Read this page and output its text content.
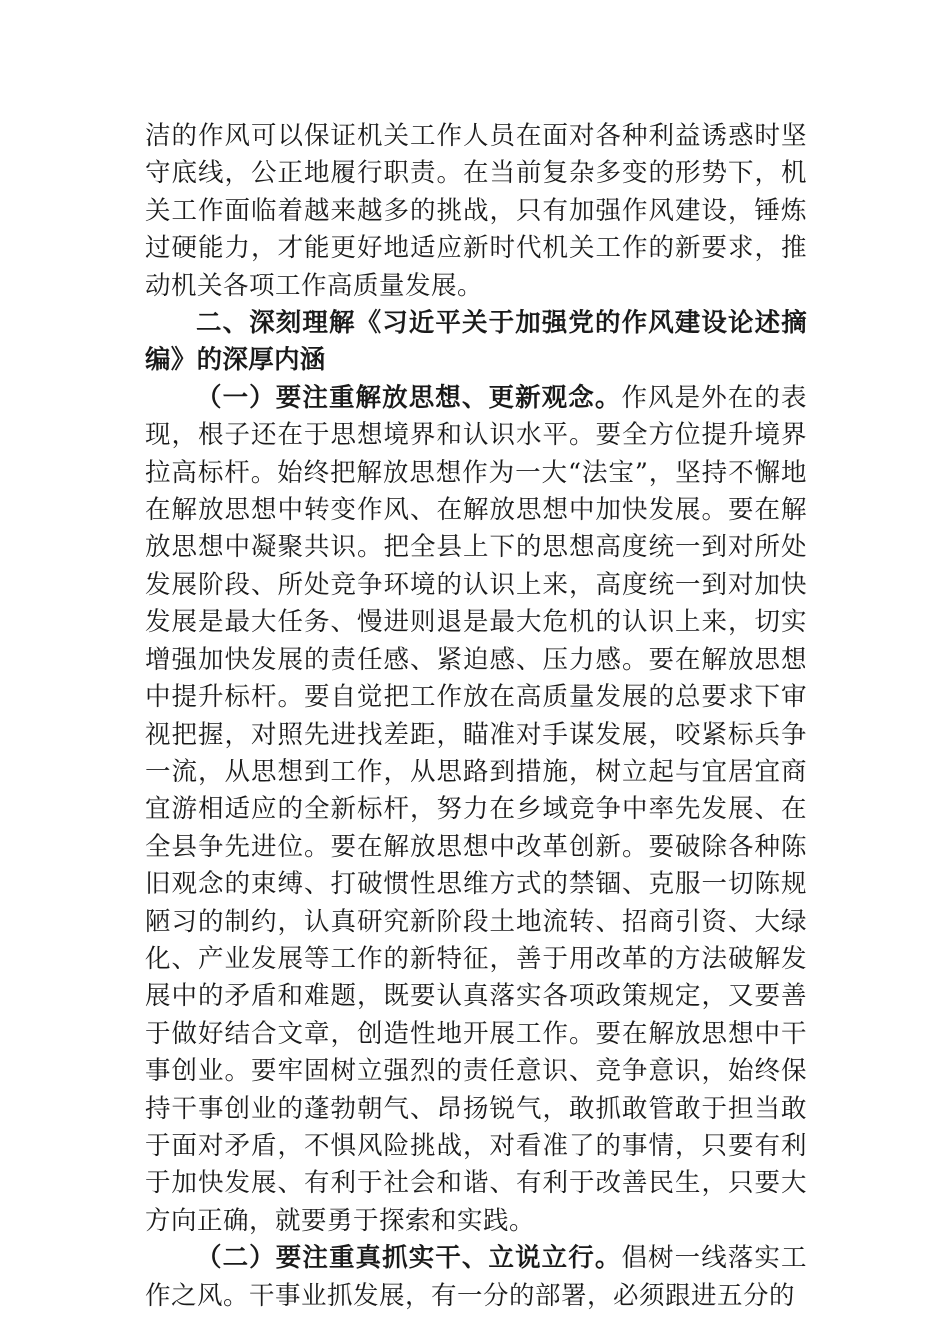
洁的作风可以保证机关工作人员在面对各种利益诱惑时坚守底线，公正地履行职责。在当前复杂多变的形势下，机关工作面临着越来越多的挑战，只有加强作风建设，锤炼过硬能力，才能更好地适应新时代机关工作的新要求，推动机关各项工作高质量发展。

二、深刻理解《习近平关于加强党的作风建设论述摘编》的深厚内涵

（一）要注重解放思想、更新观念。作风是外在的表现，根子还在于思想境界和认识水平。要全方位提升境界拉高标杆。始终把解放思想作为一大“法宝”，坚持不懈地在解放思想中转变作风、在解放思想中加快发展。要在解放思想中凝聚共识。把全县上下的思想高度统一到对所处发展阶段、所处竞争环境的认识上来，高度统一到对加快发展是最大任务、慢进则退是最大危机的认识上来，切实增强加快发展的责任感、紧迫感、压力感。要在解放思想中提升标杆。要自觉把工作放在高质量发展的总要求下审视把握，对照先进找差距，瞄准对手谋发展，咬紧标兵争一流，从思想到工作，从思路到措施，树立起与宜居宜商宜游相适应的全新标杆，努力在乡域竞争中率先发展、在全县争先进位。要在解放思想中改革创新。要破除各种陈旧观念的束缚、打破惯性思维方式的禁锢、克服一切陈规陋习的制约，认真研究新阶段土地流转、招商引资、大绿化、产业发展等工作的新特征，善于用改革的方法破解发展中的矛盾和难题，既要认真落实各项政策规定，又要善于做好结合文章，创造性地开展工作。要在解放思想中干事创业。要牢固树立强烈的责任意识、竞争意识，始终保持干事创业的蓬勃朝气、昂扬锐气，敢抓敢管敢于担当敢于面对矛盾，不惧风险挑战，对看准了的事情，只要有利于加快发展、有利于社会和谐、有利于改善民生，只要大方向正确，就要勇于探索和实践。

（二）要注重真抓实干、立说立行。倡树一线落实工作之风。干事业抓发展，有一分的部署，必须跟进五分的
